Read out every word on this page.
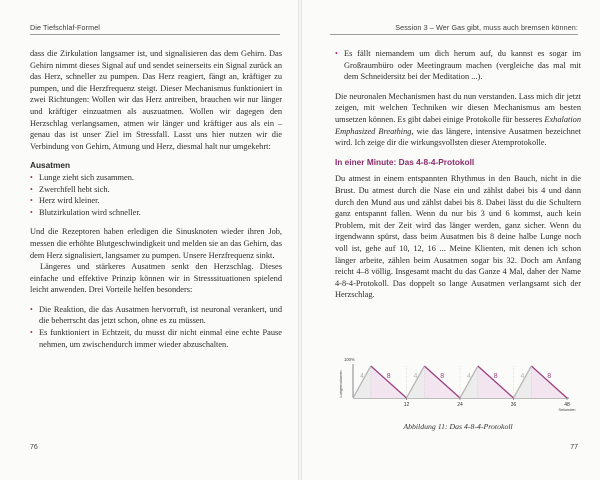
Die Tiefschlaf-Formel

dass die Zirkulation langsamer ist, und signalisieren das dem Gehirn. Das Gehirn nimmt dieses Signal auf und sendet seinerseits ein Signal zurück an das Herz, schneller zu pumpen. Das Herz reagiert, fängt an, kräftiger zu pumpen, und die Herzfrequenz steigt. Dieser Mechanismus funktioniert in zwei Richtungen: Wollen wir das Herz antreiben, brauchen wir nur länger und kräftiger einzuatmen als auszuatmen. Wollen wir dagegen den Herzschlag verlangsamen, atmen wir länger und kräftiger aus als ein – genau das ist unser Ziel im Stressfall. Lasst uns hier nutzen wir die Verbindung von Gehirn, Atmung und Herz, diesmal halt nur umgekehrt:

Ausatmen

• Lunge zieht sich zusammen.
• Zwerchfell hebt sich.
• Herz wird kleiner.
• Blutzirkulation wird schneller.

Und die Rezeptoren haben erledigen die Sinusknoten wieder ihren Job, messen die erhöhte Blutgeschwindigkeit und melden sie an das Gehirn, das dem Herz signalisiert, langsamer zu pumpen. Unsere Herzfrequenz sinkt.

Längeres und stärkeres Ausatmen senkt den Herzschlag. Dieses einfache und effektive Prinzip können wir in Stresssituationen spielend leicht anwenden. Drei Vorteile helfen besonders:

• Die Reaktion, die das Ausatmen hervorruft, ist neuronal verankert, und die beherrscht das jetzt schon, ohne es zu müssen.
• Es funktioniert in Echtzeit, du musst dir nicht einmal eine echte Pause nehmen, um zwischendurch immer wieder abzuschalten.
76
Session 3 – Wer Gas gibt, muss auch bremsen können:
• Es fällt niemandem um dich herum auf, du kannst es sogar im Großraumbüro oder Meetingraum machen (vergleiche das mal mit dem Schneidersitz bei der Meditation ...).

Die neuronalen Mechanismen hast du nun verstanden. Lass mich dir jetzt zeigen, mit welchen Techniken wir diesen Mechanismus am besten umsetzen können. Es gibt dabei einige Protokolle für besseres Exhalation Emphasized Breathing, wie das längere, intensive Ausatmen bezeichnet wird. Ich zeige dir die wirkungsvollsten dieser Atemprotokolle.

In einer Minute: Das 4-8-4-Protokoll

Du atmest in einem entspannten Rhythmus in den Bauch, nicht in die Brust. Du atmest durch die Nase ein und zählst dabei bis 4 und dann durch den Mund aus und zählst dabei bis 8. Dabei lässt du die Schultern ganz entspannt fallen. Wenn du nur bis 3 und 6 kommst, auch kein Problem, mit der Zeit wird das länger werden, ganz sicher. Wenn du irgendwann spürst, dass beim Ausatmen bis 8 deine halbe Lunge noch voll ist, gehe auf 10, 12, 16 ... Meine Klienten, mit denen ich schon länger arbeite, zählen beim Ausatmen sogar bis 32. Doch am Anfang reicht 4–8 völlig. Insgesamt macht du das Ganze 4 Mal, daher der Name 4-8-4-Protokoll. Das doppelt so lange Ausatmen verlangsamt sich der Herzschlag.

Lungenvolumen
100%
4	8	4	8	4	8	4	8
12	24	36	48
Sekunden
Abbildung 11: Das 4-8-4-Protokoll
77
